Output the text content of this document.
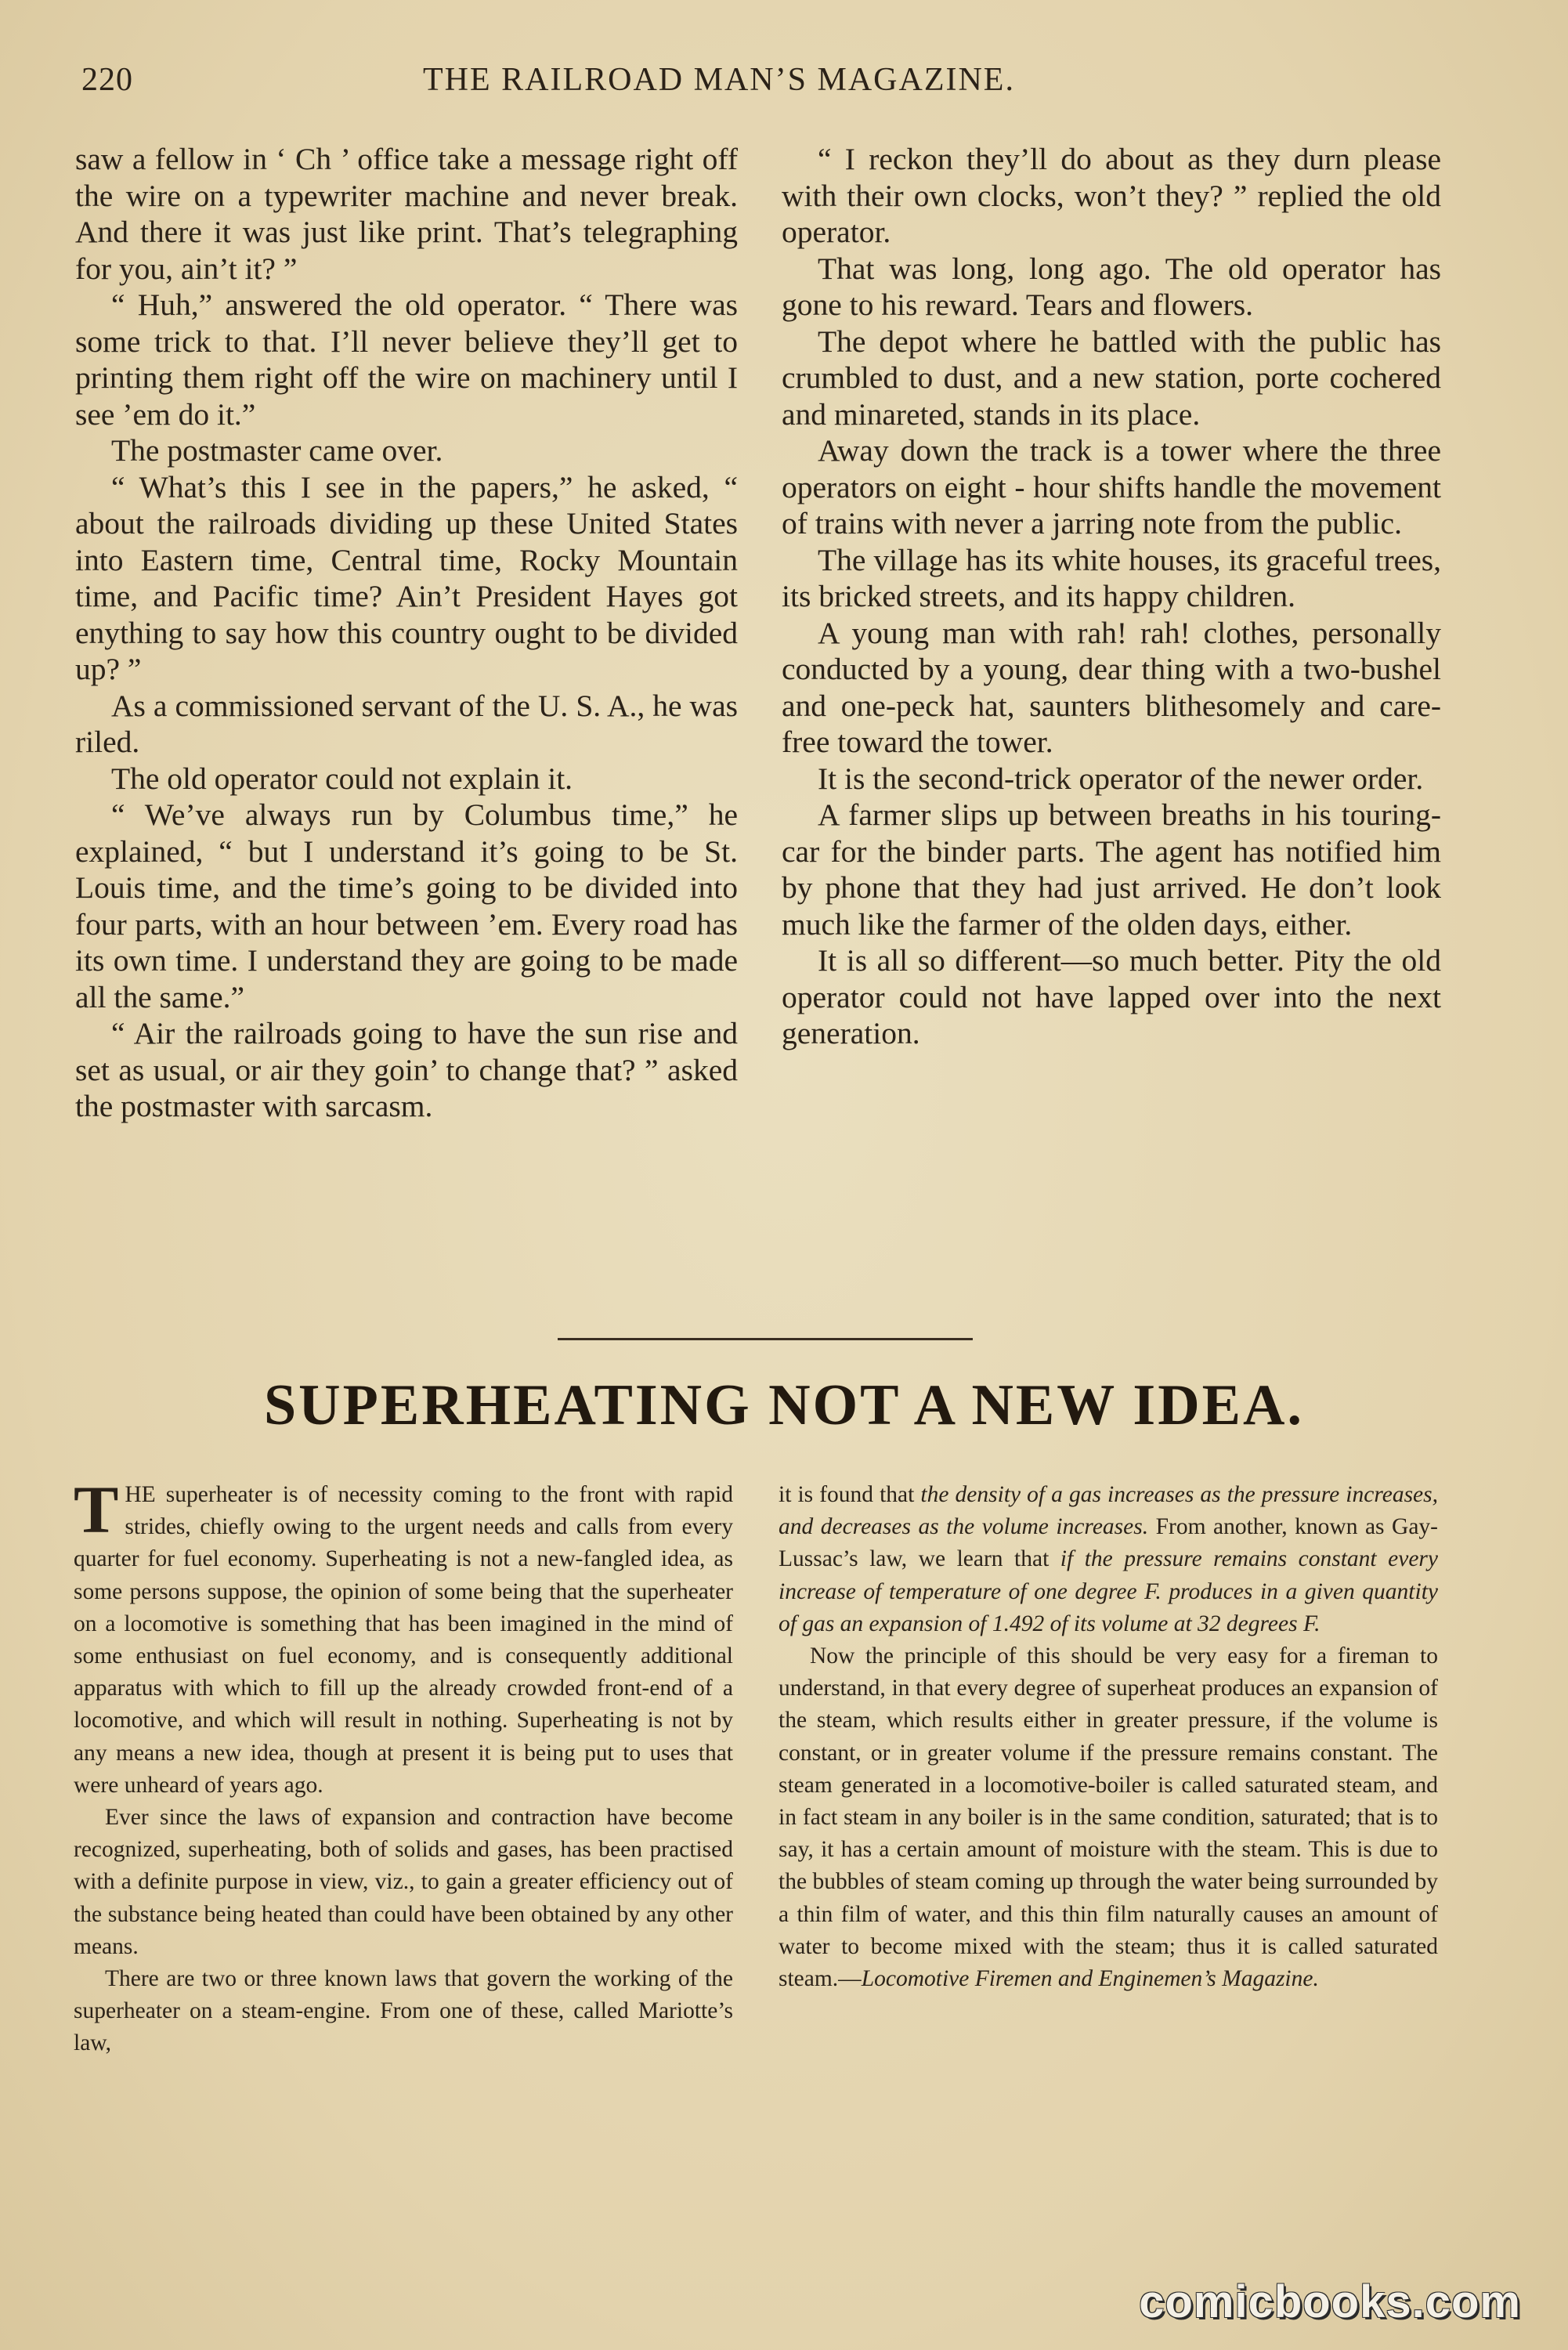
220	THE RAILROAD MAN’S MAGAZINE.

saw a fellow in ‘ Ch ’ office take a message right off the wire on a typewriter machine and never break. And there it was just like print. That’s telegraphing for you, ain’t it? ”

“ Huh,” answered the old operator. “ There was some trick to that. I’ll never believe they’ll get to printing them right off the wire on machinery until I see ’em do it.”

The postmaster came over.

“ What’s this I see in the papers,” he asked, “ about the railroads dividing up these United States into Eastern time, Central time, Rocky Mountain time, and Pacific time? Ain’t President Hayes got enything to say how this country ought to be divided up? ”

As a commissioned servant of the U. S. A., he was riled.

The old operator could not explain it.

“ We’ve always run by Columbus time,” he explained, “ but I understand it’s going to be St. Louis time, and the time’s going to be divided into four parts, with an hour between ’em. Every road has its own time. I understand they are going to be made all the same.”

“ Air the railroads going to have the sun rise and set as usual, or air they goin’ to change that? ” asked the postmaster with sarcasm.

“ I reckon they’ll do about as they durn please with their own clocks, won’t they? ” replied the old operator.

That was long, long ago. The old operator has gone to his reward. Tears and flowers.

The depot where he battled with the public has crumbled to dust, and a new station, porte cochered and minareted, stands in its place.

Away down the track is a tower where the three operators on eight - hour shifts handle the movement of trains with never a jarring note from the public.

The village has its white houses, its graceful trees, its bricked streets, and its happy children.

A young man with rah! rah! clothes, personally conducted by a young, dear thing with a two-bushel and one-peck hat, saunters blithesomely and care-free toward the tower.

It is the second-trick operator of the newer order.

A farmer slips up between breaths in his touring-car for the binder parts. The agent has notified him by phone that they had just arrived. He don’t look much like the farmer of the olden days, either.

It is all so different—so much better. Pity the old operator could not have lapped over into the next generation.

SUPERHEATING NOT A NEW IDEA.

THE superheater is of necessity coming to the front with rapid strides, chiefly owing to the urgent needs and calls from every quarter for fuel economy. Superheating is not a new-fangled idea, as some persons suppose, the opinion of some being that the superheater on a locomotive is something that has been imagined in the mind of some enthusiast on fuel economy, and is consequently additional apparatus with which to fill up the already crowded front-end of a locomotive, and which will result in nothing. Superheating is not by any means a new idea, though at present it is being put to uses that were unheard of years ago.

Ever since the laws of expansion and contraction have become recognized, superheating, both of solids and gases, has been practised with a definite purpose in view, viz., to gain a greater efficiency out of the substance being heated than could have been obtained by any other means.

There are two or three known laws that govern the working of the superheater on a steam-engine. From one of these, called Mariotte’s law,

it is found that the density of a gas increases as the pressure increases, and decreases as the volume increases. From another, known as Gay-Lussac’s law, we learn that if the pressure remains constant every increase of temperature of one degree F. produces in a given quantity of gas an expansion of 1.492 of its volume at 32 degrees F.

Now the principle of this should be very easy for a fireman to understand, in that every degree of superheat produces an expansion of the steam, which results either in greater pressure, if the volume is constant, or in greater volume if the pressure remains constant. The steam generated in a locomotive-boiler is called saturated steam, and in fact steam in any boiler is in the same condition, saturated; that is to say, it has a certain amount of moisture with the steam. This is due to the bubbles of steam coming up through the water being surrounded by a thin film of water, and this thin film naturally causes an amount of water to become mixed with the steam; thus it is called saturated steam.—Locomotive Firemen and Enginemen’s Magazine.

comicbooks.com
